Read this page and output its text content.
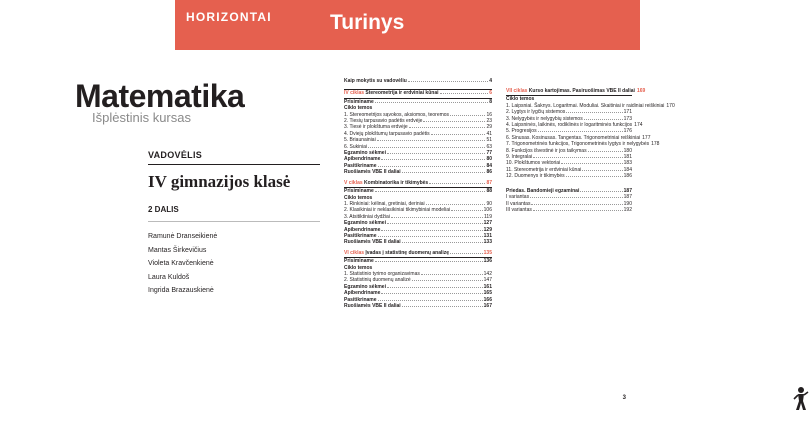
HORIZONTAI
Matematika
Išplėstinis kursas
VADOVĖLIS
IV gimnazijos klasė
2 DALIS
Ramunė Dranseikienė
Mantas Širkevičius
Violeta Kravčenkienė
Laura Kuldoš
Ingrida Brazauskienė
Turinys
Kaip mokytis su vadovėliu	4
IV ciklas Stereometrija ir erdviniai kūnai	6
Prisiminame	8
Ciklo temos
1. Stereometrijos sąvokos, aksiomos, teoremos	16
2. Tiesių tarpusavio padėtis erdvėje	23
3. Tiesė ir plokštuma erdvėje	29
4. Dviejų plokštumų tarpusavio padėtis	41
5. Briaunainiai	51
6. Sukiniai	63
Egzamino sėkmei	77
Apibendriname	80
Pasitikriname	84
Ruošiamės VBE II daliai	86
V ciklas Kombinatorika ir tikimybės	87
Prisiminame	88
Ciklo temos
1. Rinkiniai: kėlinai, gretiniai, deriniai	90
2. Klasikiniai ir neklasikiniai tikimybiniai modeliai	106
3. Atsitiktiniai dydžiai	119
Egzamino sėkmei	127
Apibendriname	129
Pasitikriname	131
Ruošiamės VBE II daliai	133
VI ciklas Įvadas į statistinę duomenų analizę	135
Prisiminame	136
Ciklo temos
1. Statistinio tyrimo organizavimas	142
2. Statistinių duomenų analizė	147
Egzamino sėkmei	161
Apibendriname	165
Pasitikriname	166
Ruošiamės VBE II daliai	167
VII ciklas Kurso kartojimas. Pasiruošimas VBE II daliai 169
Ciklo temos
1. Laipsniai. Šaknys. Logaritmai. Moduliai. Skaitiniai ir raidiniai reiškiniai 170
2. Lygtys ir lygčių sistemos	171
3. Nelygybės ir nelygybių sistemos	173
4. Laipsninės, laikinės, rodiklinės ir logaritminės funkcijos 174
5. Progresijos	176
6. Sinusas. Kosinusas. Tangentas. Trigonometriniai reiškiniai 177
7. Trigonometrinės funkcijos, Trigonometrinės lygtys ir nelygybės 178
8. Funkcijos išvestinė ir jos taikymas	180
9. Integralai	181
10. Plokštumos vektoriai	183
11. Stereometrija ir erdviniai kūnai	184
12. Duomenys ir tikimybės	186
Priedas. Bandomieji egzaminai	187
I variantas	187
II variantas	190
III variantas	192
3
